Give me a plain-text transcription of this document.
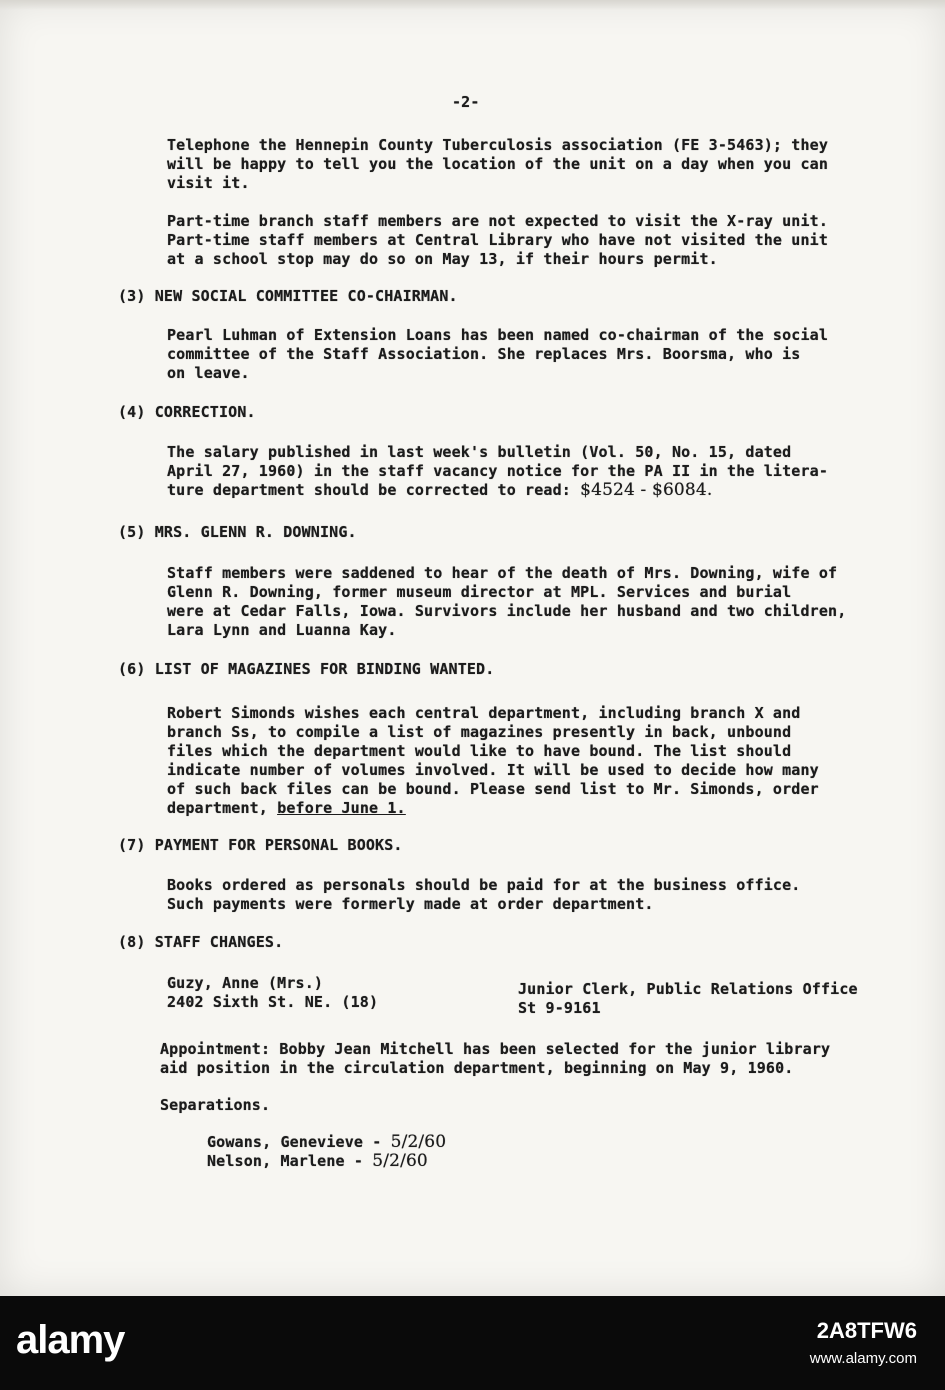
-2-
Telephone the Hennepin County Tuberculosis association (FE 3-5463); they
will be happy to tell you the location of the unit on a day when you can
visit it.
Part-time branch staff members are not expected to visit the X-ray unit.
Part-time staff members at Central Library who have not visited the unit
at a school stop may do so on May 13, if their hours permit.
(3) NEW SOCIAL COMMITTEE CO-CHAIRMAN.
Pearl Luhman of Extension Loans has been named co-chairman of the social
committee of the Staff Association. She replaces Mrs. Boorsma, who is
on leave.
(4) CORRECTION.
The salary published in last week's bulletin (Vol. 50, No. 15, dated
April 27, 1960) in the staff vacancy notice for the PA II in the litera-
ture department should be corrected to read: $4524 - $6084.
(5) MRS. GLENN R. DOWNING.
Staff members were saddened to hear of the death of Mrs. Downing, wife of
Glenn R. Downing, former museum director at MPL. Services and burial
were at Cedar Falls, Iowa. Survivors include her husband and two children,
Lara Lynn and Luanna Kay.
(6) LIST OF MAGAZINES FOR BINDING WANTED.
Robert Simonds wishes each central department, including branch X and
branch Ss, to compile a list of magazines presently in back, unbound
files which the department would like to have bound. The list should
indicate number of volumes involved. It will be used to decide how many
of such back files can be bound. Please send list to Mr. Simonds, order
department, before June 1.
(7) PAYMENT FOR PERSONAL BOOKS.
Books ordered as personals should be paid for at the business office.
Such payments were formerly made at order department.
(8) STAFF CHANGES.
Guzy, Anne (Mrs.)
2402 Sixth St. NE. (18)
Junior Clerk, Public Relations Office
St 9-9161
Appointment: Bobby Jean Mitchell has been selected for the junior library
aid position in the circulation department, beginning on May 9, 1960.
Separations.
Gowans, Genevieve - 5/2/60
Nelson, Marlene - 5/2/60
alamy	2A8TFW6
www.alamy.com
